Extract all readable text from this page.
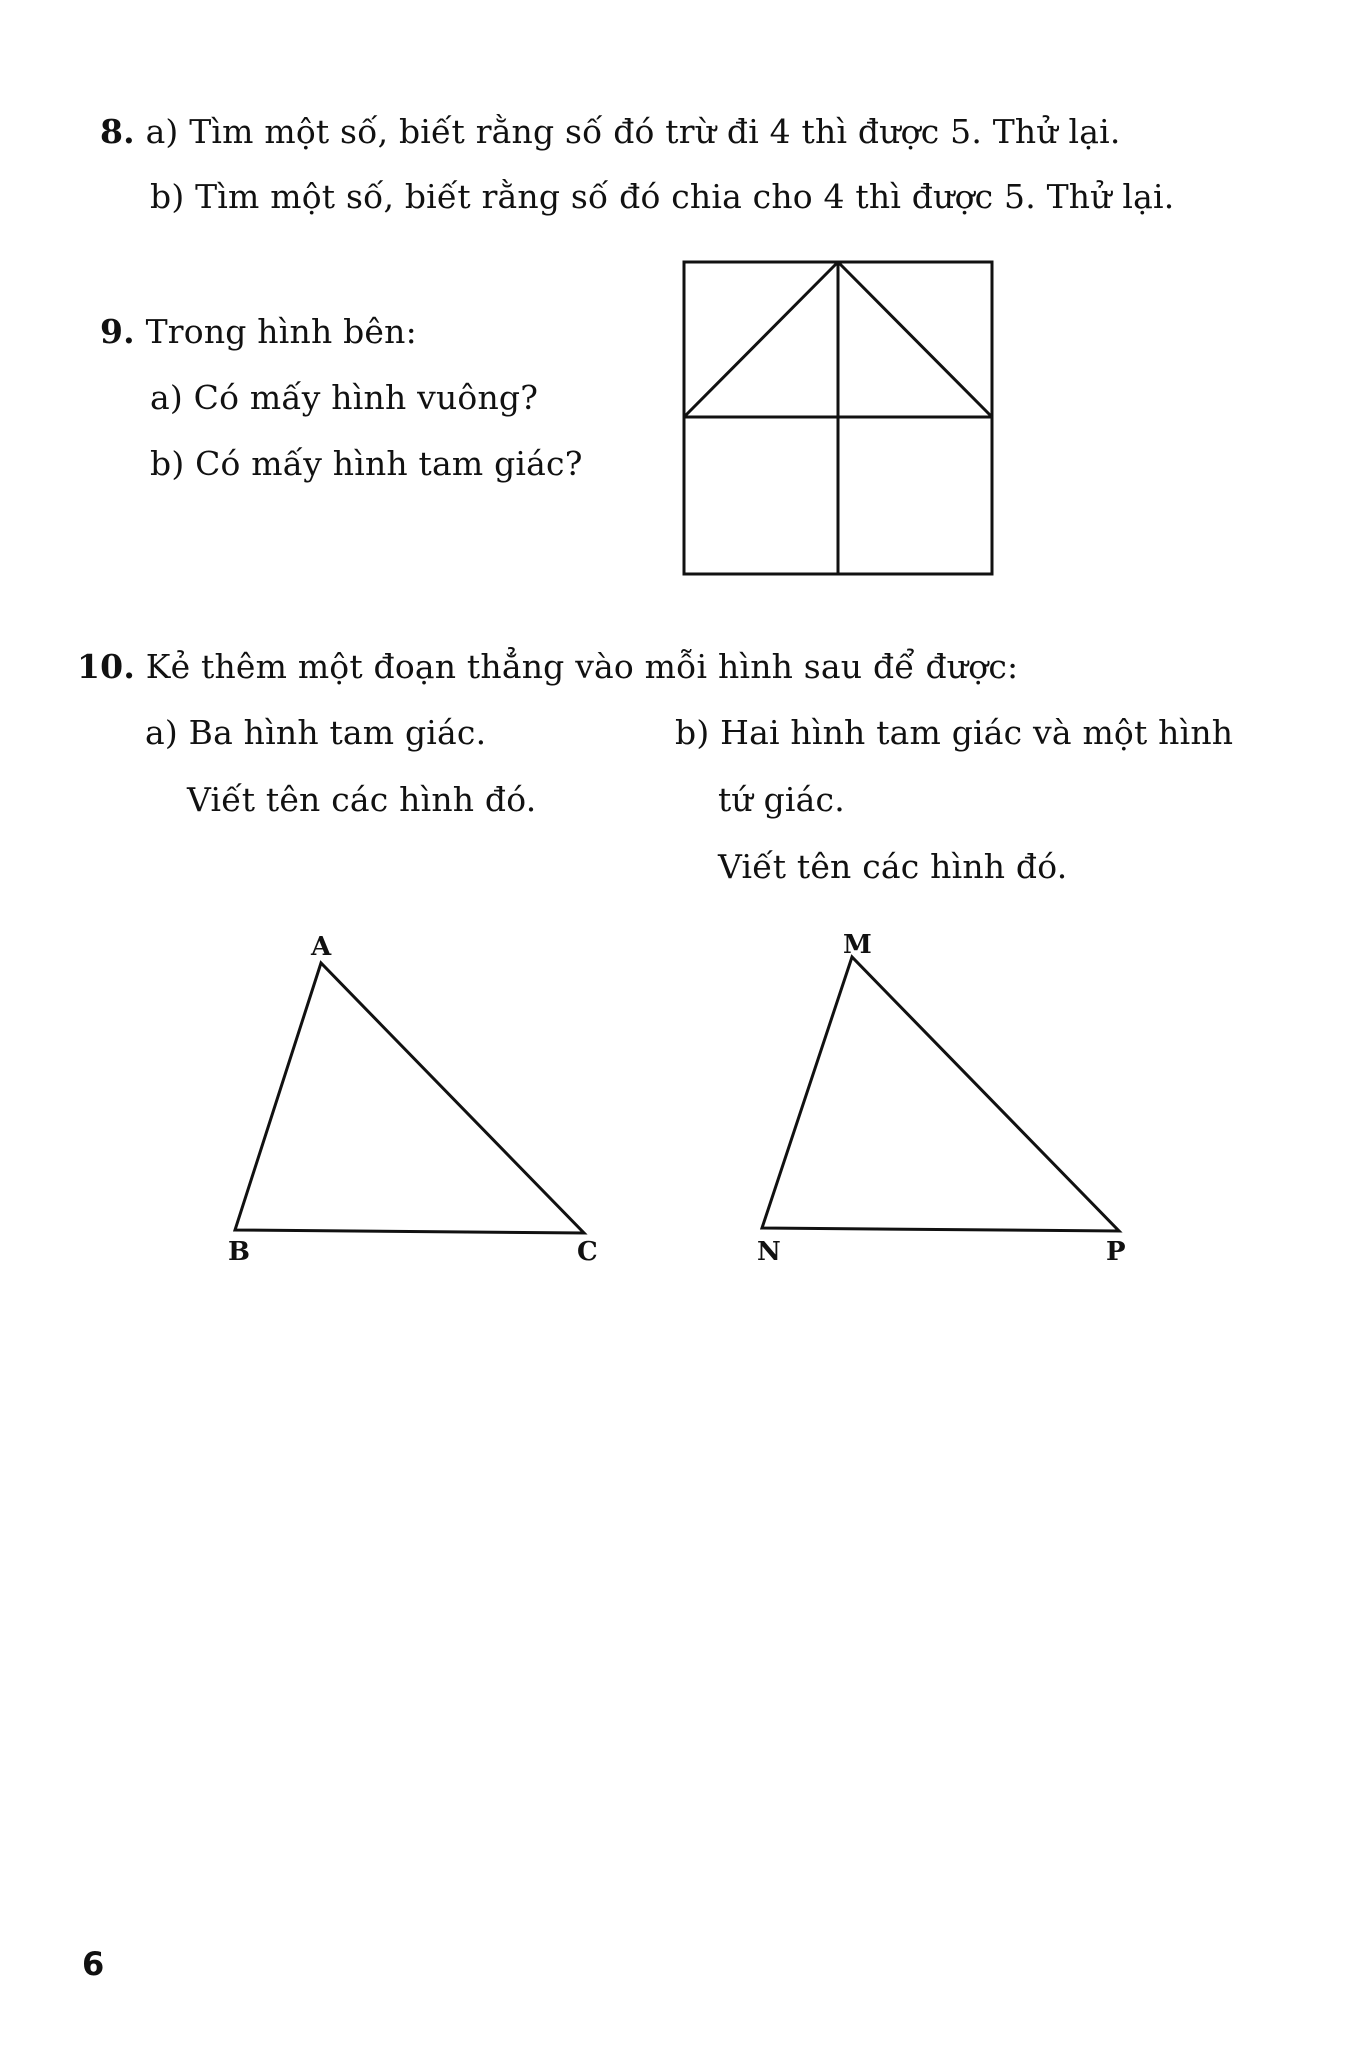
8. a) Tìm một số, biết rằng số đó trừ đi 4 thì được 5. Thử lại.
b) Tìm một số, biết rằng số đó chia cho 4 thì được 5. Thử lại.
9. Trong hình bên:
a) Có mấy hình vuông?
b) Có mấy hình tam giác?
10. Kẻ thêm một đoạn thẳng vào mỗi hình sau để được:
a) Ba hình tam giác.
Viết tên các hình đó.
b) Hai hình tam giác và một hình
tứ giác.
Viết tên các hình đó.
A
B	C
M
N	P
6
